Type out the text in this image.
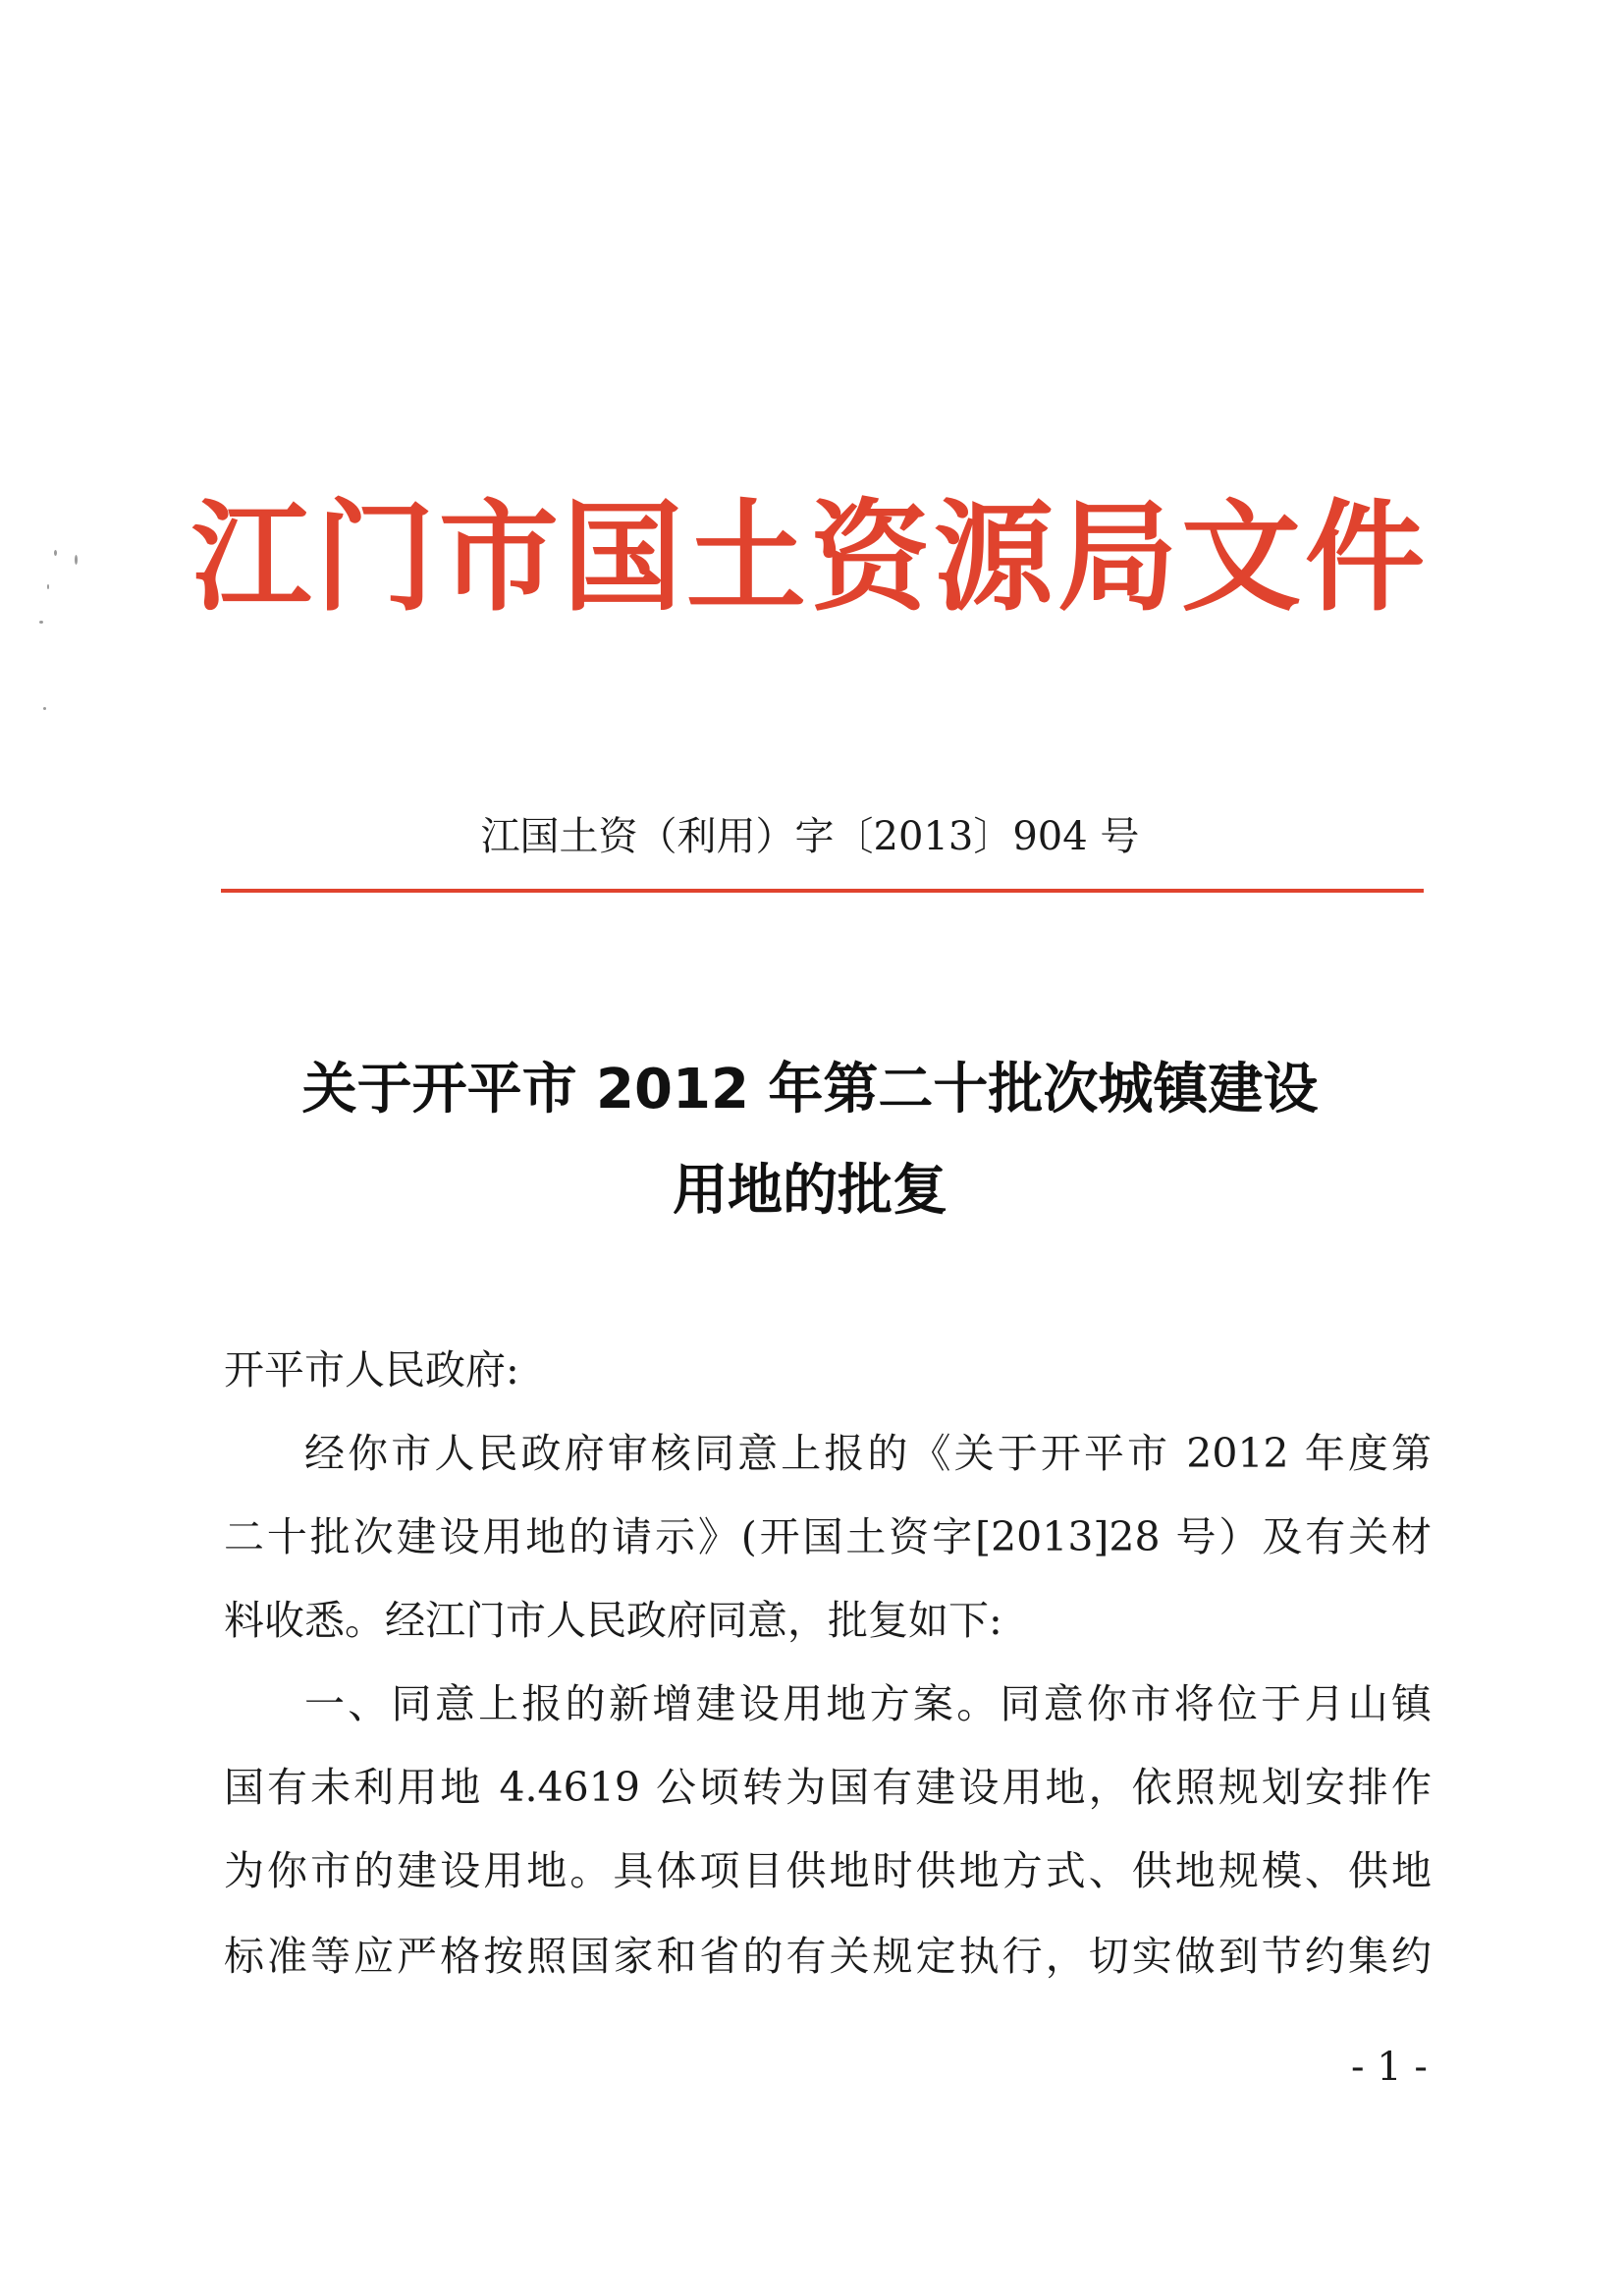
江门市国土资源局文件
江国土资（利用）字〔2013〕904 号
关于开平市 2012 年第二十批次城镇建设
用地的批复
开平市人民政府:
经你市人民政府审核同意上报的《关于开平市 2012 年度第
二十批次建设用地的请示》(开国土资字[2013]28 号）及有关材
料收悉。经江门市人民政府同意，批复如下:
一、同意上报的新增建设用地方案。同意你市将位于月山镇
国有未利用地 4.4619 公顷转为国有建设用地，依照规划安排作
为你市的建设用地。具体项目供地时供地方式、供地规模、供地
标准等应严格按照国家和省的有关规定执行，切实做到节约集约
- 1 -
